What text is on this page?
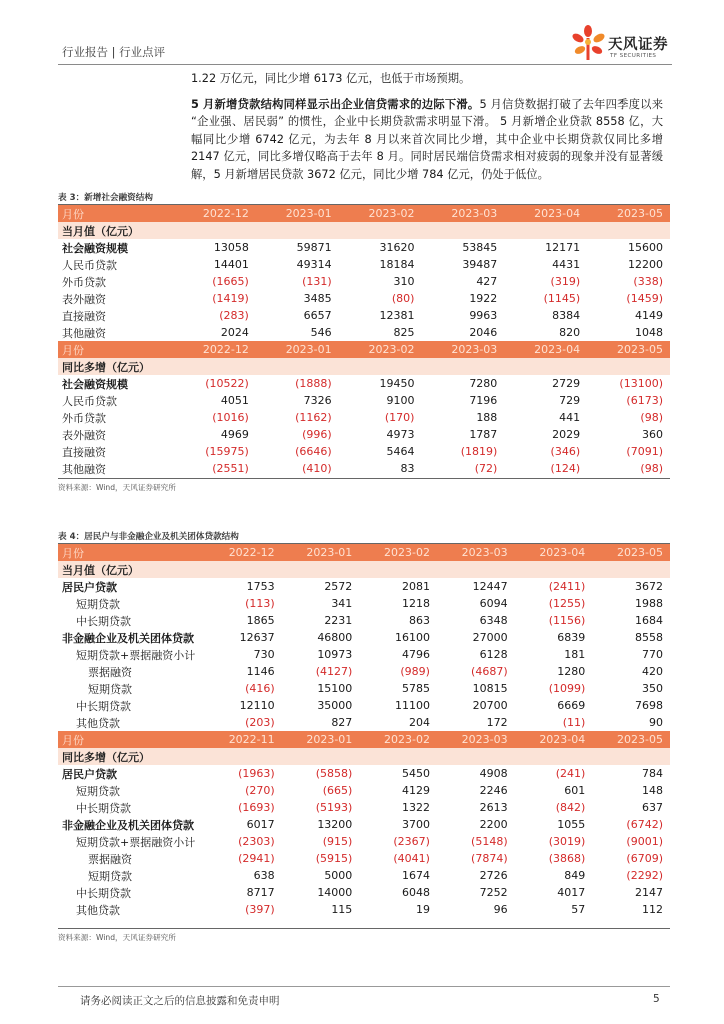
行业报告 | 行业点评	天风证券
TF SECURITIES

1.22 万亿元，同比少增 6173 亿元，也低于市场预期。

5 月新增贷款结构同样显示出企业信贷需求的边际下滑。5 月信贷数据打破了去年四季度以来 “企业强、居民弱” 的惯性，企业中长期贷款需求明显下滑。 5 月新增企业贷款 8558 亿，大幅同比少增 6742 亿元，为去年 8 月以来首次同比少增，其中企业中长期贷款仅同比多增 2147 亿元，同比多增仅略高于去年 8 月。同时居民端信贷需求相对疲弱的现象并没有显著缓解，5 月新增居民贷款 3672 亿元，同比少增 784 亿元，仍处于低位。

表 3：新增社会融资结构
月份	2022-12	2023-01	2023-02	2023-03	2023-04	2023-05
当月值（亿元）						
社会融资规模	13058	59871	31620	53845	12171	15600
人民币贷款	14401	49314	18184	39487	4431	12200
外币贷款	(1665)	(131)	310	427	(319)	(338)
表外融资	(1419)	3485	(80)	1922	(1145)	(1459)
直接融资	(283)	6657	12381	9963	8384	4149
其他融资	2024	546	825	2046	820	1048
月份	2022-12	2023-01	2023-02	2023-03	2023-04	2023-05
同比多增（亿元）						
社会融资规模	(10522)	(1888)	19450	7280	2729	(13100)
人民币贷款	4051	7326	9100	7196	729	(6173)
外币贷款	(1016)	(1162)	(170)	188	441	(98)
表外融资	4969	(996)	4973	1787	2029	360
直接融资	(15975)	(6646)	5464	(1819)	(346)	(7091)
其他融资	(2551)	(410)	83	(72)	(124)	(98)
资料来源：Wind，天风证券研究所
表 4：居民户与非金融企业及机关团体贷款结构
月份	2022-12	2023-01	2023-02	2023-03	2023-04	2023-05
当月值（亿元）						
居民户贷款	1753	2572	2081	12447	(2411)	3672
短期贷款	(113)	341	1218	6094	(1255)	1988
中长期贷款	1865	2231	863	6348	(1156)	1684
非金融企业及机关团体贷款	12637	46800	16100	27000	6839	8558
短期贷款+票据融资小计	730	10973	4796	6128	181	770
票据融资	1146	(4127)	(989)	(4687)	1280	420
短期贷款	(416)	15100	5785	10815	(1099)	350
中长期贷款	12110	35000	11100	20700	6669	7698
其他贷款	(203)	827	204	172	(11)	90
月份	2022-11	2023-01	2023-02	2023-03	2023-04	2023-05
同比多增（亿元）						
居民户贷款	(1963)	(5858)	5450	4908	(241)	784
短期贷款	(270)	(665)	4129	2246	601	148
中长期贷款	(1693)	(5193)	1322	2613	(842)	637
非金融企业及机关团体贷款	6017	13200	3700	2200	1055	(6742)
短期贷款+票据融资小计	(2303)	(915)	(2367)	(5148)	(3019)	(9001)
票据融资	(2941)	(5915)	(4041)	(7874)	(3868)	(6709)
短期贷款	638	5000	1674	2726	849	(2292)
中长期贷款	8717	14000	6048	7252	4017	2147
其他贷款	(397)	115	19	96	57	112
资料来源：Wind，天风证券研究所
请务必阅读正文之后的信息披露和免责申明	5
